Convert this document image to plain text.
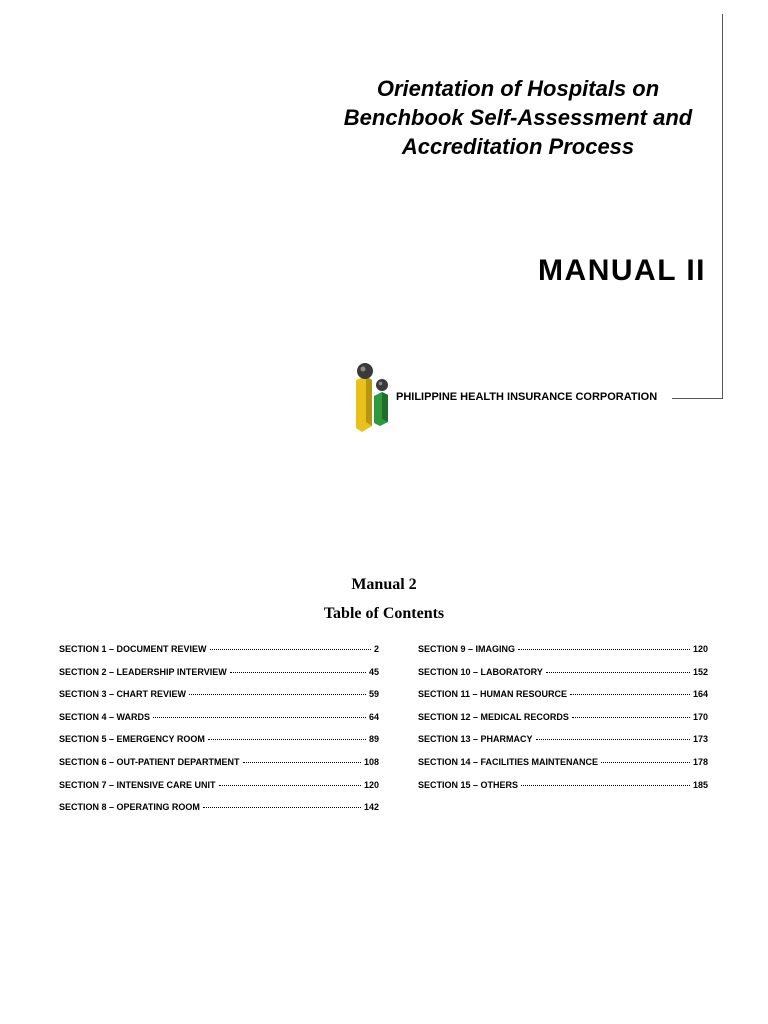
Orientation of Hospitals on Benchbook Self-Assessment and Accreditation Process
MANUAL II
PHILIPPINE HEALTH INSURANCE CORPORATION
Manual 2
Table of Contents
SECTION 1 – DOCUMENT REVIEW	2
SECTION 2 – LEADERSHIP INTERVIEW	45
SECTION 3 – CHART REVIEW	59
SECTION 4 – WARDS	64
SECTION 5 – EMERGENCY ROOM	89
SECTION 6 – OUT-PATIENT DEPARTMENT	108
SECTION 7 – INTENSIVE CARE UNIT	120
SECTION 8 – OPERATING ROOM	142
SECTION 9 – IMAGING	120
SECTION 10 – LABORATORY	152
SECTION 11 – HUMAN RESOURCE	164
SECTION 12 – MEDICAL RECORDS	170
SECTION 13 – PHARMACY	173
SECTION 14 – FACILITIES MAINTENANCE	178
SECTION 15 – OTHERS	185
